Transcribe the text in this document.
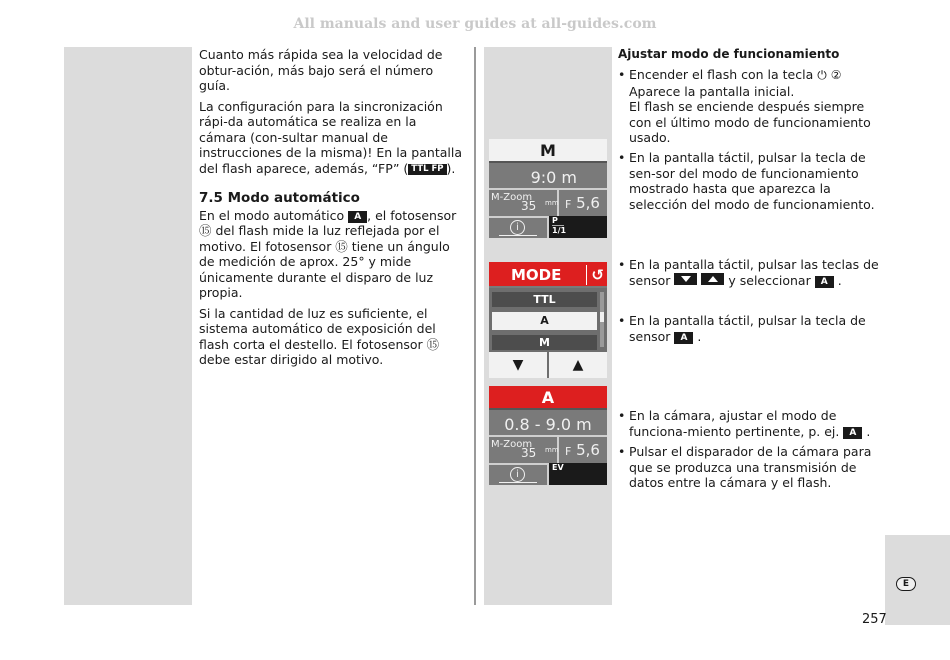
All manuals and user guides at all-guides.com

Cuanto más rápida sea la velocidad de obtur-ación, más bajo será el número guía.

La configuración para la sincronización rápi-da automática se realiza en la cámara (con-sultar manual de instrucciones de la misma)! En la pantalla del flash aparece, además, “FP” ( TTL FP ).

7.5 Modo automático

En el modo automático A , el fotosensor ⑮ del flash mide la luz reflejada por el motivo. El fotosensor ⑮ tiene un ángulo de medición de aprox. 25° y mide únicamente durante el disparo de luz propia.

Si la cantidad de luz es suficiente, el sistema automático de exposición del flash corta el destello. El fotosensor ⑮ debe estar dirigido al motivo.

M
9:0 m
M-Zoom
35 mm F 5,6
i
P
1/1
MODE	↺
TTL
A
M
▼	▲
A
0.8 - 9.0 m
M-Zoom
35 mm F 5,6
i
EV
Ajustar modo de funcionamiento
• Encender el flash con la tecla ⏻ ②
Aparece la pantalla inicial.
El flash se enciende después siempre con el último modo de funcionamiento usado.
• En la pantalla táctil, pulsar la tecla de sen-sor del modo de funcionamiento mostrado hasta que aparezca la selección del modo de funcionamiento.
• En la pantalla táctil, pulsar las teclas de sensor	y seleccionar A .
• En la pantalla táctil, pulsar la tecla de sensor A .
• En la cámara, ajustar el modo de funciona-miento pertinente, p. ej. A .
• Pulsar el disparador de la cámara para que se produzca una transmisión de datos entre la cámara y el flash.
E
257
